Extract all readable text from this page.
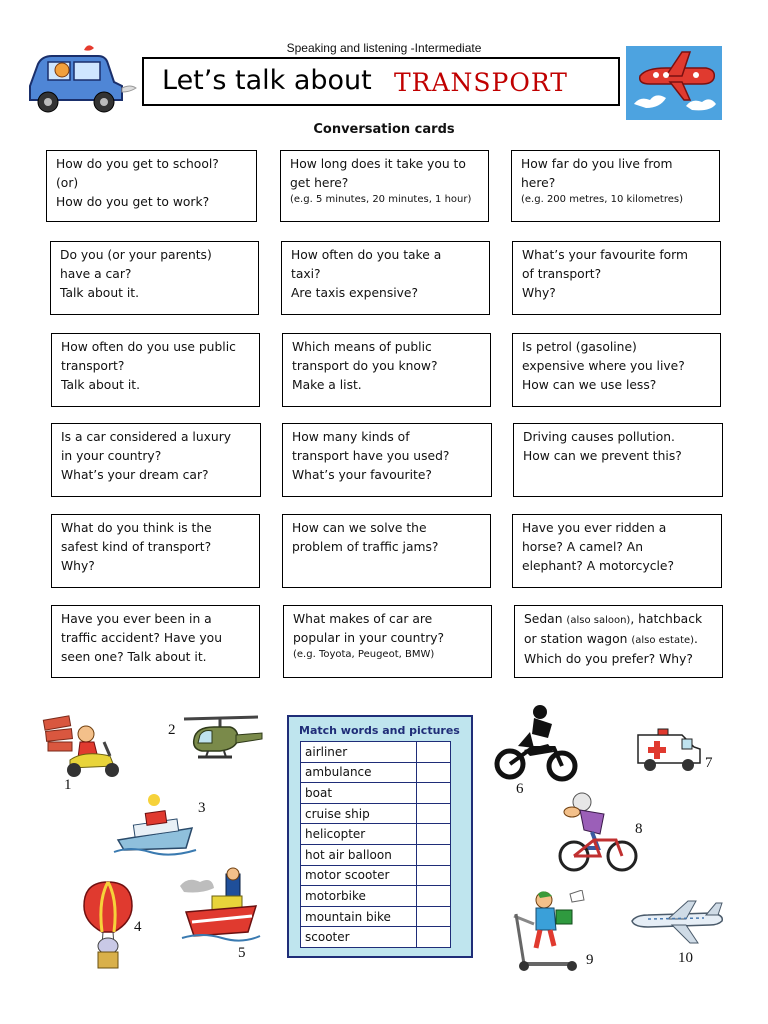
Speaking and listening -Intermediate
Let’s talk about TRANSPORT
Conversation cards
How do you get to school?
(or)
How do you get to work?
How long does it take you to
get here?
(e.g. 5 minutes, 20 minutes, 1 hour)
How far do you live from
here?
(e.g. 200 metres, 10 kilometres)
Do you (or your parents)
have a car?
Talk about it.
How often do you take a
taxi?
Are taxis expensive?
What’s your favourite form
of transport?
Why?
How often do you use public
transport?
Talk about it.
Which means of public
transport do you know?
Make a list.
Is petrol (gasoline)
expensive where you live?
How can we use less?
Is a car considered a luxury
in your country?
What’s your dream car?
How many kinds of
transport have you used?
What’s your favourite?
Driving causes pollution.
How can we prevent this?
What do you think is the
safest kind of transport?
Why?
How can we solve the
problem of traffic jams?
Have you ever ridden a
horse? A camel? An
elephant? A motorcycle?
Have you ever been in a
traffic accident? Have you
seen one? Talk about it.
What makes of car are
popular in your country?
(e.g. Toyota, Peugeot, BMW)
Sedan (also saloon), hatchback
or station wagon (also estate).
Which do you prefer? Why?
Match words and pictures
airliner	
ambulance	
boat	
cruise ship	
helicopter	
hot air balloon	
motor scooter	
motorbike	
mountain bike	
scooter	
1
2
3
4
5
6
7
8
9	10
